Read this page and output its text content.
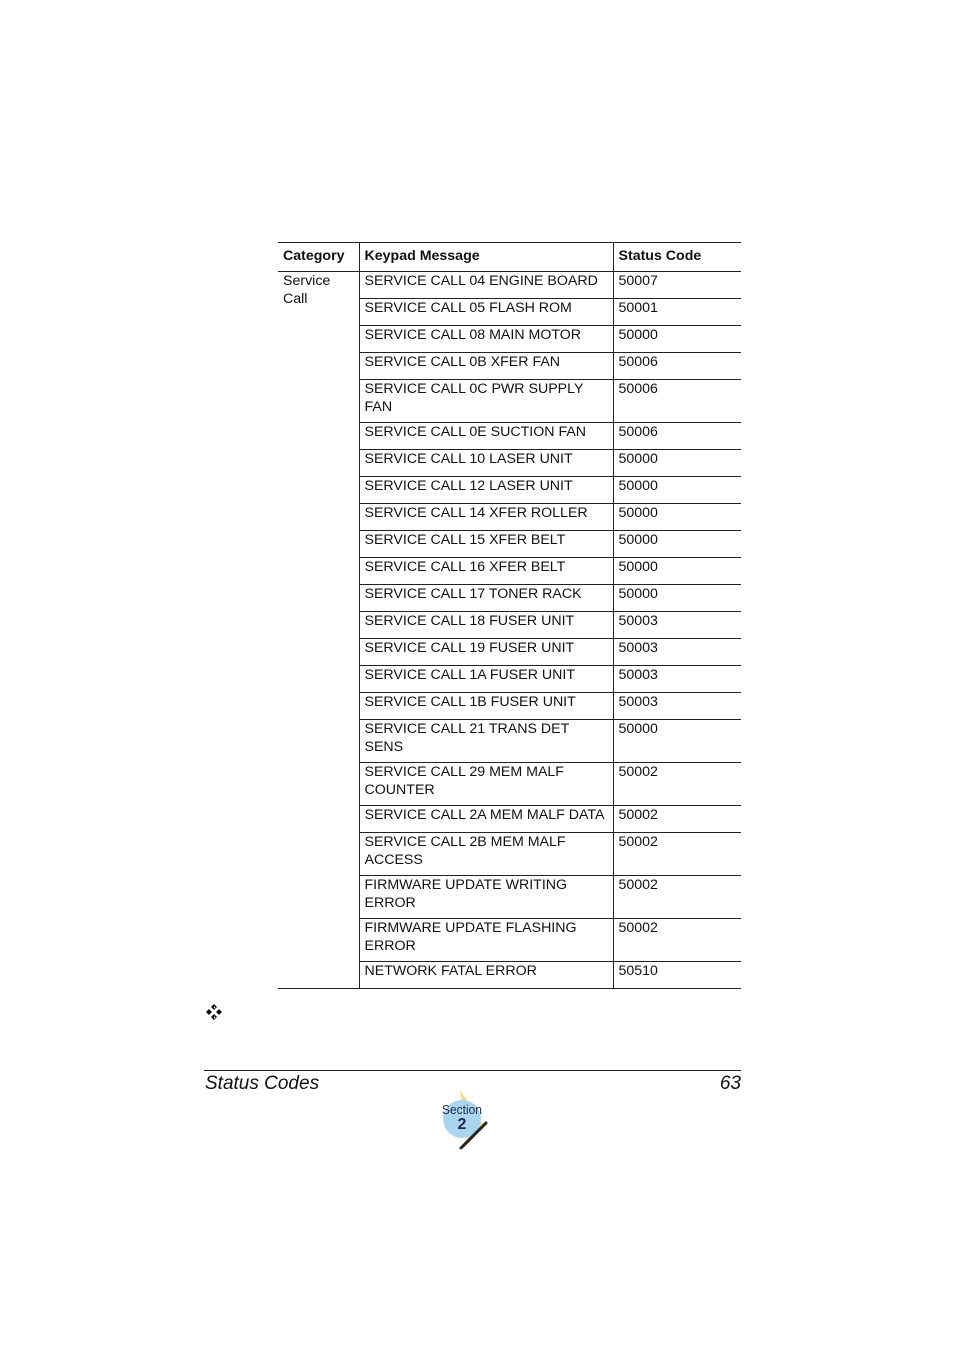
Category	Keypad Message	Status Code
Service Call	SERVICE CALL 04 ENGINE BOARD	50007
	SERVICE CALL 05 FLASH ROM	50001
	SERVICE CALL 08 MAIN MOTOR	50000
	SERVICE CALL 0B XFER FAN	50006
	SERVICE CALL 0C PWR SUPPLY FAN	50006
	SERVICE CALL 0E SUCTION FAN	50006
	SERVICE CALL 10 LASER UNIT	50000
	SERVICE CALL 12 LASER UNIT	50000
	SERVICE CALL 14 XFER ROLLER	50000
	SERVICE CALL 15 XFER BELT	50000
	SERVICE CALL 16 XFER BELT	50000
	SERVICE CALL 17 TONER RACK	50000
	SERVICE CALL 18 FUSER UNIT	50003
	SERVICE CALL 19 FUSER UNIT	50003
	SERVICE CALL 1A FUSER UNIT	50003
	SERVICE CALL 1B FUSER UNIT	50003
	SERVICE CALL 21 TRANS DET SENS	50000
	SERVICE CALL 29 MEM MALF COUNTER	50002
	SERVICE CALL 2A MEM MALF DATA	50002
	SERVICE CALL 2B MEM MALF ACCESS	50002
	FIRMWARE UPDATE WRITING ERROR	50002
	FIRMWARE UPDATE FLASHING ERROR	50002
	NETWORK FATAL ERROR	50510
Status Codes	63
Section
2
